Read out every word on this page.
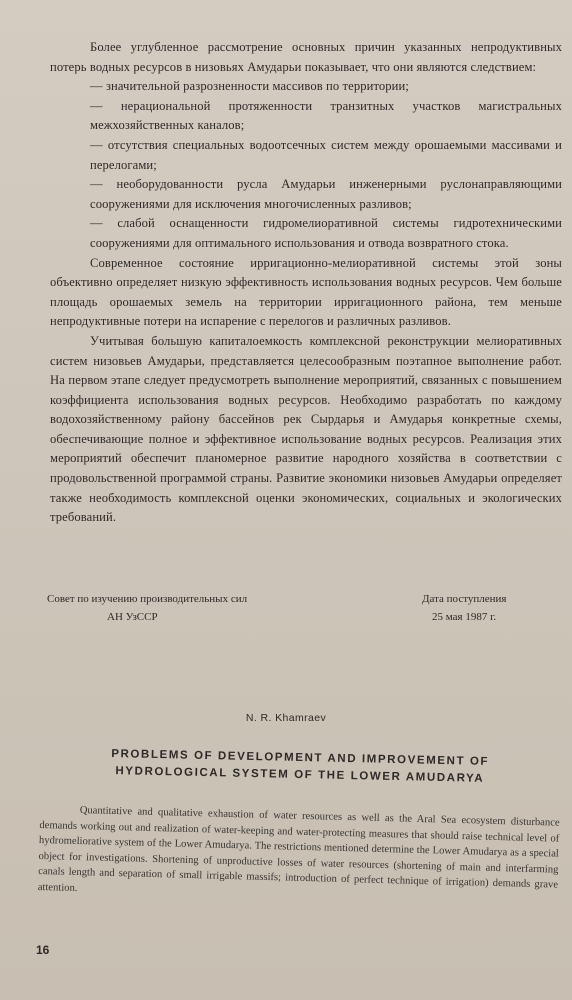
Более углубленное рассмотрение основных причин указанных непродуктивных потерь водных ресурсов в низовьях Амударьи показывает, что они являются следствием:

— значительной разрозненности массивов по территории;

— нерациональной протяженности транзитных участков магистральных межхозяйственных каналов;

— отсутствия специальных водоотсечных систем между орошаемыми массивами и перелогами;

— необорудованности русла Амударьи инженерными руслонаправляющими сооружениями для исключения многочисленных разливов;

— слабой оснащенности гидромелиоративной системы гидротехническими сооружениями для оптимального использования и отвода возвратного стока.

Современное состояние ирригационно-мелиоративной системы этой зоны объективно определяет низкую эффективность использования водных ресурсов. Чем больше площадь орошаемых земель на территории ирригационного района, тем меньше непродуктивные потери на испарение с перелогов и различных разливов.

Учитывая большую капиталоемкость комплексной реконструкции мелиоративных систем низовьев Амударьи, представляется целесообразным поэтапное выполнение работ. На первом этапе следует предусмотреть выполнение мероприятий, связанных с повышением коэффициента использования водных ресурсов. Необходимо разработать по каждому водохозяйственному району бассейнов рек Сырдарья и Амударья конкретные схемы, обеспечивающие полное и эффективное использование водных ресурсов. Реализация этих мероприятий обеспечит планомерное развитие народного хозяйства в соответствии с продовольственной программой страны. Развитие экономики низовьев Амударьи определяет также необходимость комплексной оценки экономических, социальных и экологических требований.

Совет по изучению производительных сил
АН УзССР
Дата поступления
25 мая 1987 г.
N. R. Khamraev
PROBLEMS OF DEVELOPMENT AND IMPROVEMENT OF
HYDROLOGICAL SYSTEM OF THE LOWER AMUDARYA

Quantitative and qualitative exhaustion of water resources as well as the Aral Sea ecosystem disturbance demands working out and realization of water-keeping and water-protecting measures that should raise technical level of hydromeliorative system of the Lower Amudarya. The restrictions mentioned determine the Lower Amudarya as a special object for investigations. Shortening of unproductive losses of water resources (shortening of main and interfarming canals length and separation of small irrigable massifs; introduction of perfect technique of irrigation) demands grave attention.

16
